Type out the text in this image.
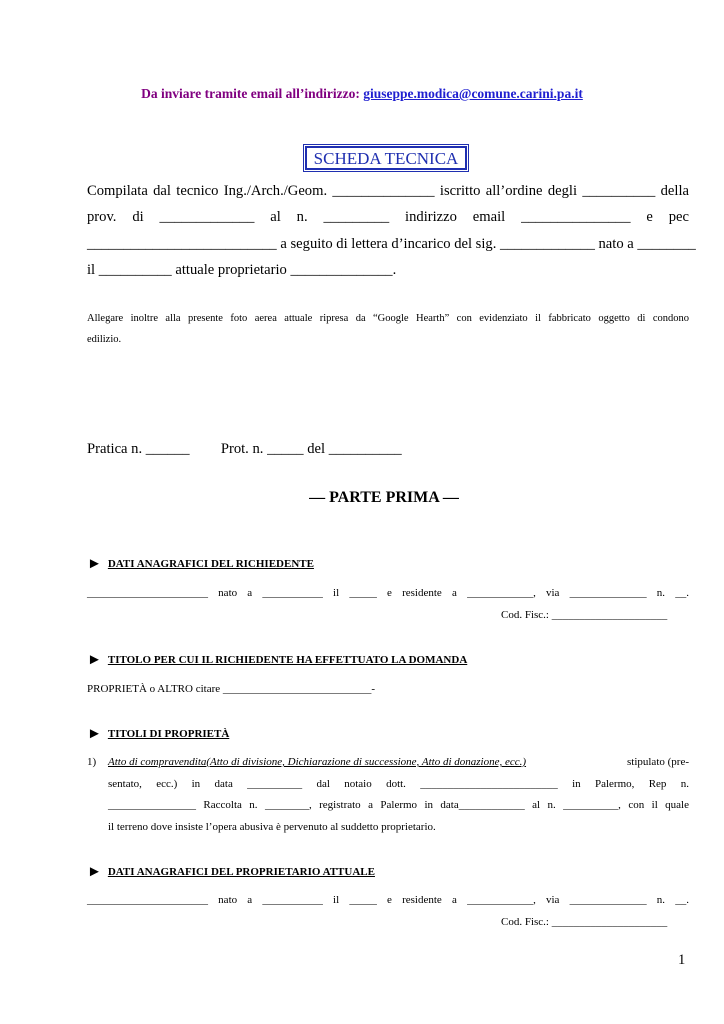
Da inviare tramite email all’indirizzo: giuseppe.modica@comune.carini.pa.it
SCHEDA TECNICA
Compilata dal tecnico Ing./Arch./Geom. ______________ iscritto all’ordine degli __________ della
prov. di _____________ al n. _________ indirizzo email _______________ e pec
__________________________ a seguito di lettera d’incarico del sig. _____________ nato a ________
il __________ attuale proprietario ______________.
Allegare inoltre alla presente foto aerea attuale ripresa da “Google Hearth” con evidenziato il fabbricato oggetto di condono
edilizio.
Pratica n. ______ Prot. n. _____ del __________
— PARTE PRIMA —
► DATI ANAGRAFICI DEL RICHIEDENTE
______________________ nato a ___________ il _____ e residente a ____________, via ______________ n. __.
Cod. Fisc.: _____________________
► TITOLO PER CUI IL RICHIEDENTE HA EFFETTUATO LA DOMANDA
PROPRIETÀ o ALTRO citare ___________________________-
► TITOLI DI PROPRIETÀ
1) Atto di compravendita(Atto di divisione, Dichiarazione di successione, Atto di donazione, ecc.)	stipulato (pre-
sentato, ecc.) in data __________ dal notaio dott. _________________________ in Palermo, Rep n.
________________ Raccolta n. ________, registrato a Palermo in data____________ al n. __________, con il quale
il terreno dove insiste l’opera abusiva è pervenuto al suddetto proprietario.
► DATI ANAGRAFICI DEL PROPRIETARIO ATTUALE
______________________ nato a ___________ il _____ e residente a ____________, via ______________ n. __.
Cod. Fisc.: _____________________
1
